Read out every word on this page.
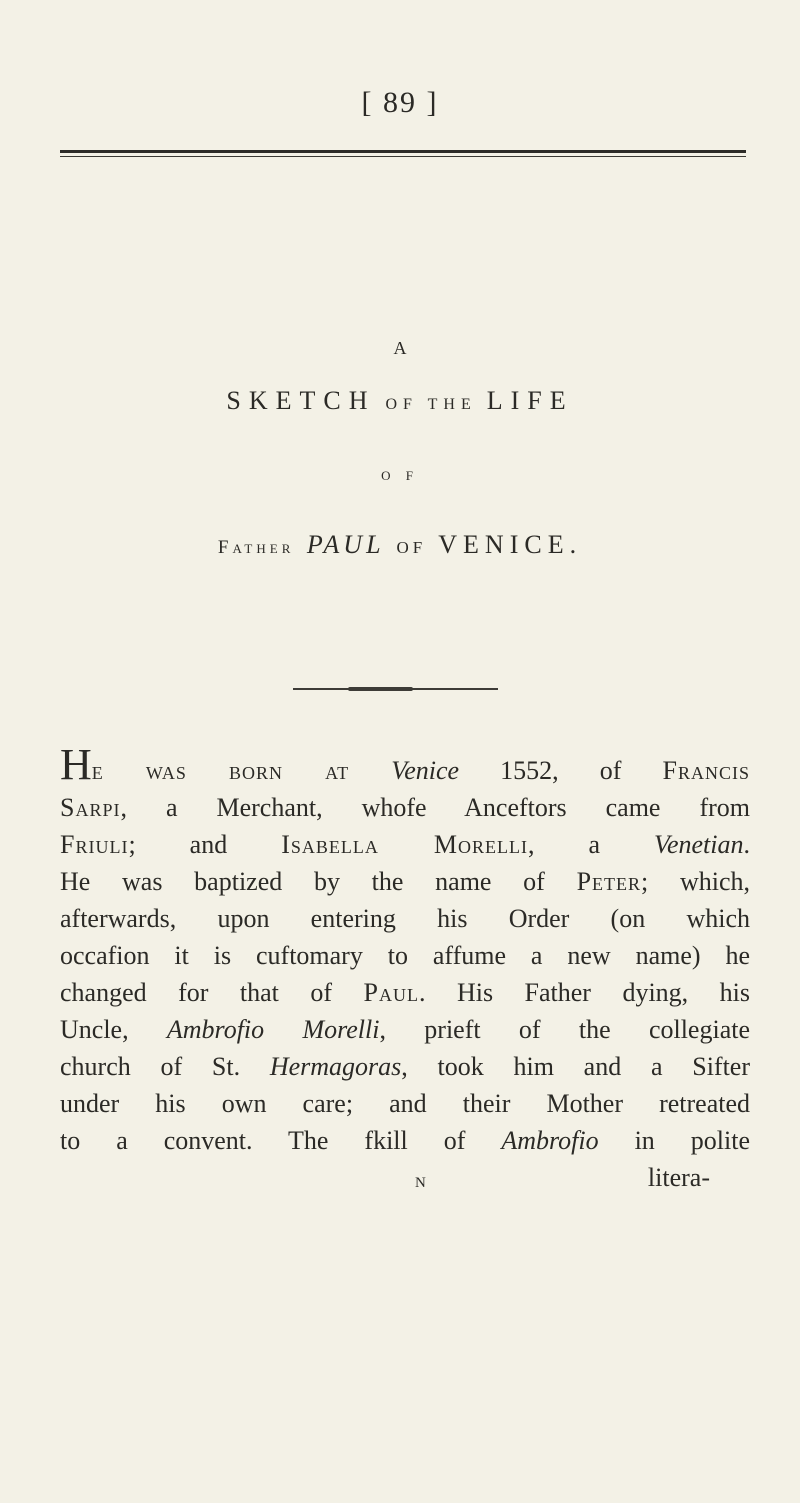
[ 89 ]
A
SKETCH OF THE LIFE
O F
Father PAUL OF VENICE.
He was born at Venice 1552, of Francis
Sarpi, a Merchant, whofe Anceftors came from
Friuli; and Isabella Morelli, a Venetian.
He was baptized by the name of Peter; which,
afterwards, upon entering his Order (on which
occafion it is cuftomary to affume a new name) he
changed for that of Paul. His Father dying, his
Uncle, Ambrofio Morelli, prieft of the collegiate
church of St. Hermagoras, took him and a Sifter
under his own care; and their Mother retreated
to a convent. The fkill of Ambrofio in polite
N	litera-
